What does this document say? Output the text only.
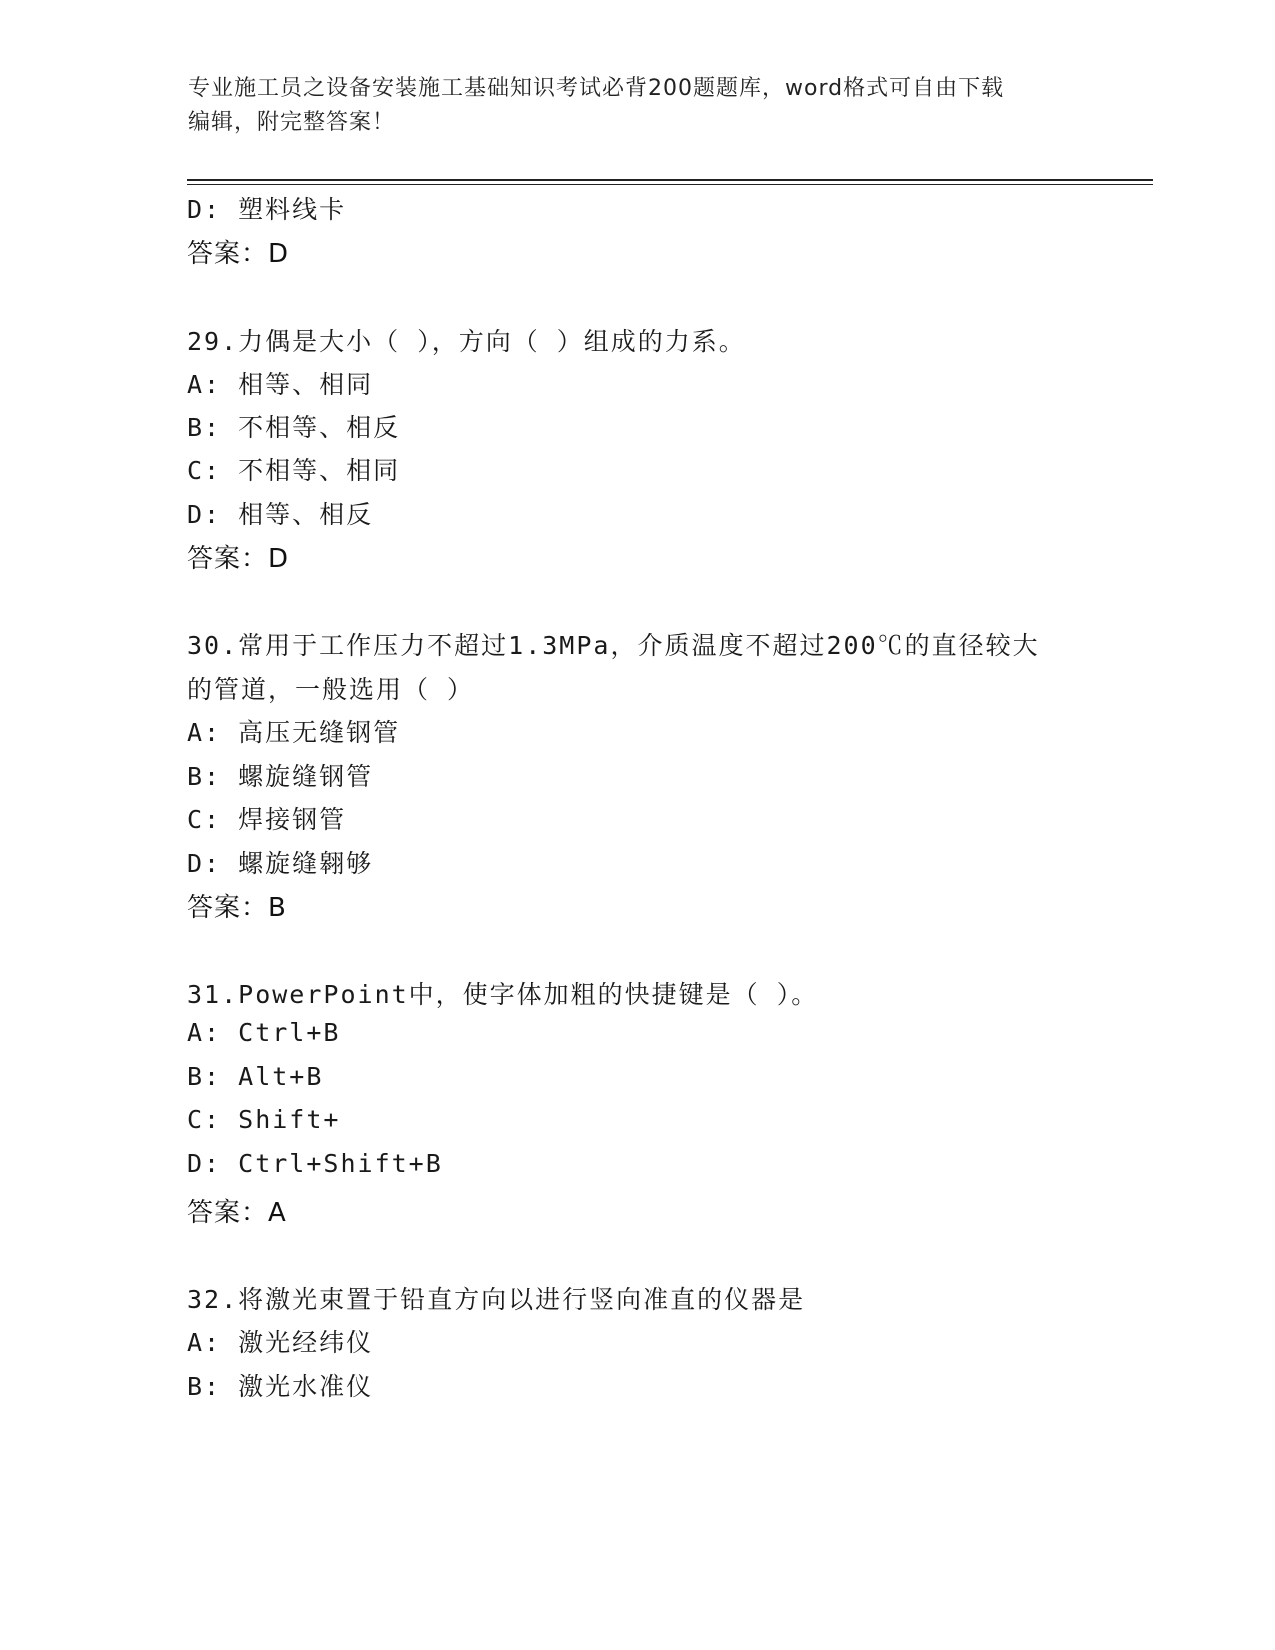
专业施工员之设备安装施工基础知识考试必背200题题库，word格式可自由下载
编辑，附完整答案！
D: 塑料线卡
答案：D
29.力偶是大小（ ），方向（ ）组成的力系。
A: 相等、相同
B: 不相等、相反
C: 不相等、相同
D: 相等、相反
答案：D
30.常用于工作压力不超过1.3MPa，介质温度不超过200℃的直径较大
的管道，一般选用（ ）
A: 高压无缝钢管
B: 螺旋缝钢管
C: 焊接钢管
D: 螺旋缝翱够
答案：B
31.PowerPoint中，使字体加粗的快捷键是（ ）。
A: Ctrl+B
B: Alt+B
C: Shift+
D: Ctrl+Shift+B
答案：A
32.将激光束置于铅直方向以进行竖向准直的仪器是
A: 激光经纬仪
B: 激光水准仪
